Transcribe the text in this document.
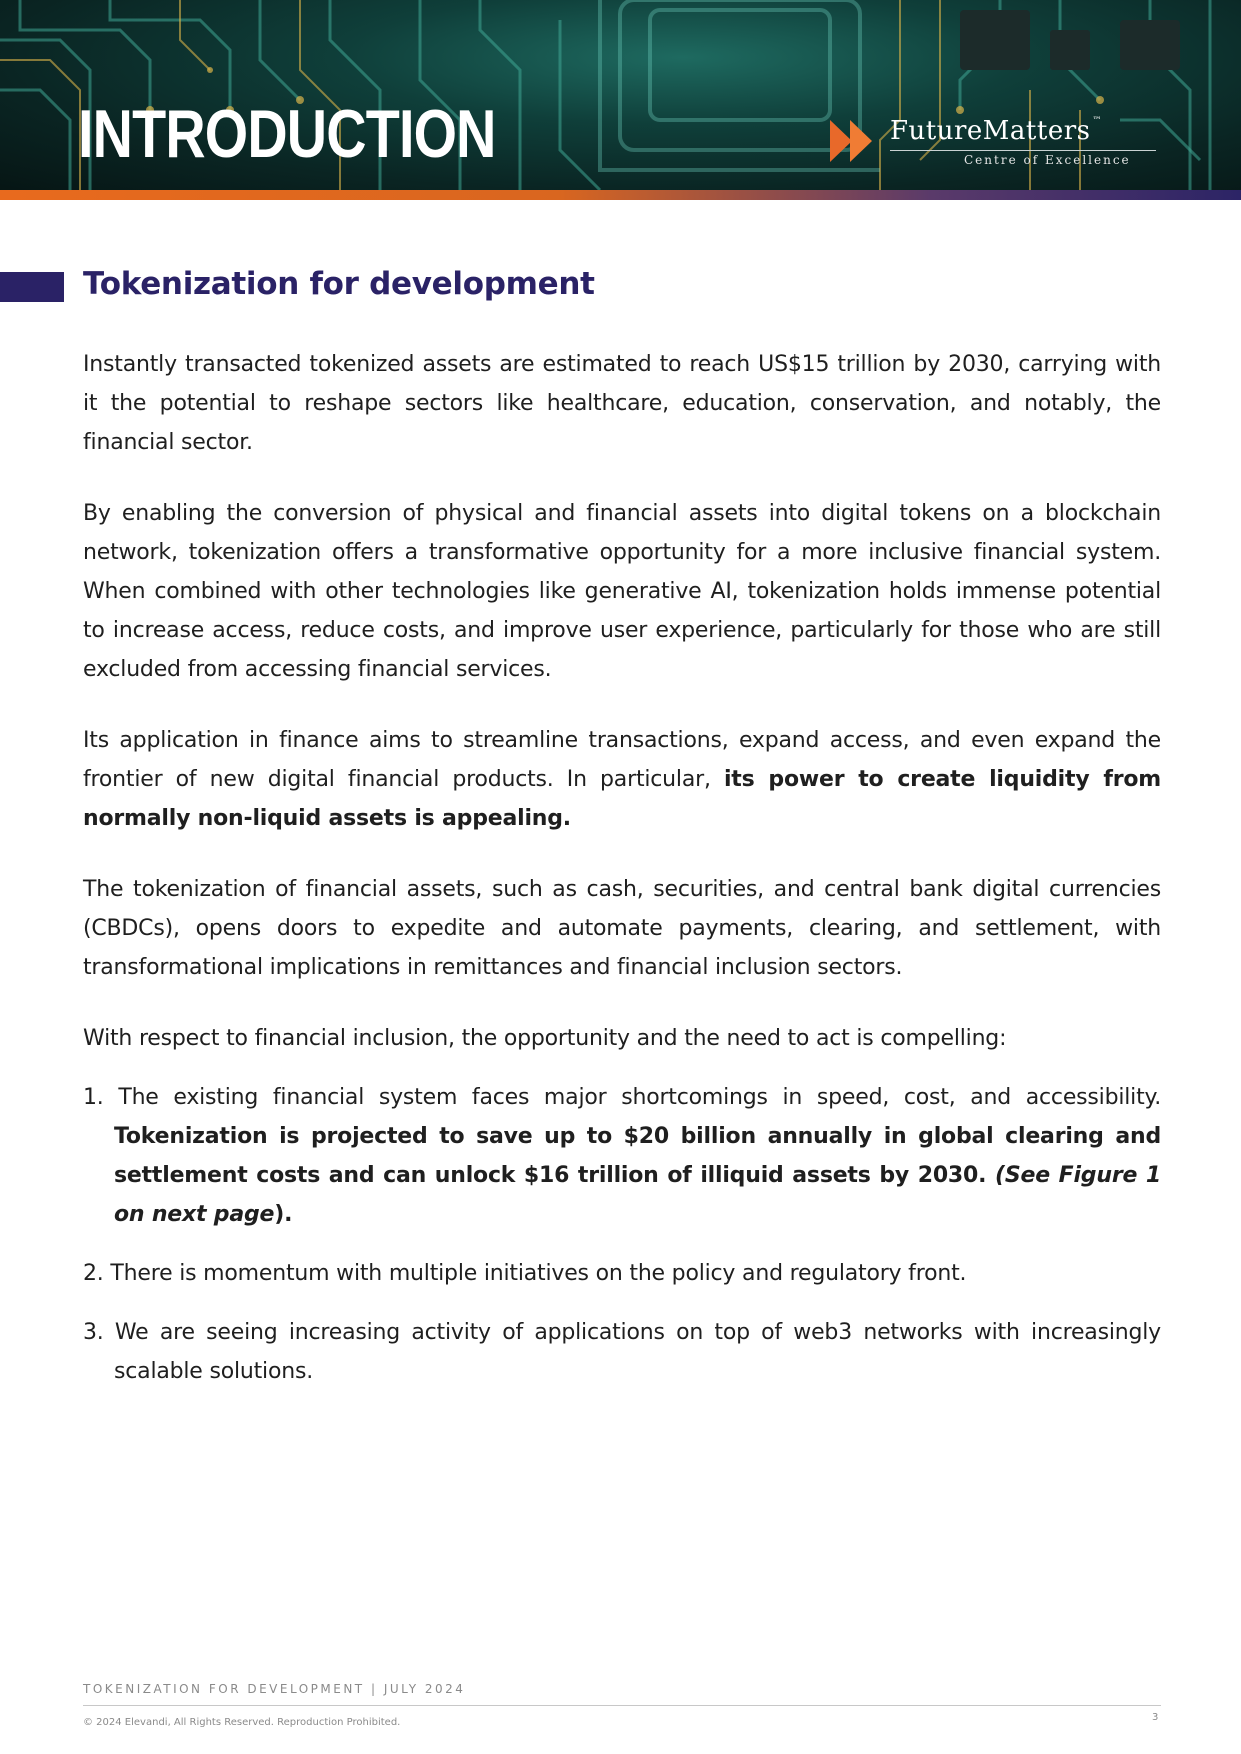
INTRODUCTION	FutureMatters ™
Centre of Excellence
Tokenization for development

Instantly transacted tokenized assets are estimated to reach US$15 trillion by 2030, carrying with it the potential to reshape sectors like healthcare, education, conservation, and notably, the financial sector.

By enabling the conversion of physical and financial assets into digital tokens on a blockchain network, tokenization offers a transformative opportunity for a more inclusive financial system. When combined with other technologies like generative AI, tokenization holds immense potential to increase access, reduce costs, and improve user experience, particularly for those who are still excluded from accessing financial services.

Its application in finance aims to streamline transactions, expand access, and even expand the frontier of new digital financial products. In particular, its power to create liquidity from normally non-liquid assets is appealing.

The tokenization of financial assets, such as cash, securities, and central bank digital currencies (CBDCs), opens doors to expedite and automate payments, clearing, and settlement, with transformational implications in remittances and financial inclusion sectors.

With respect to financial inclusion, the opportunity and the need to act is compelling:

1. The existing financial system faces major shortcomings in speed, cost, and accessibility. Tokenization is projected to save up to $20 billion annually in global clearing and settlement costs and can unlock $16 trillion of illiquid assets by 2030. (See Figure 1 on next page).
2. There is momentum with multiple initiatives on the policy and regulatory front.
3. We are seeing increasing activity of applications on top of web3 networks with increasingly scalable solutions.
TOKENIZATION FOR DEVELOPMENT | JULY 2024
© 2024 Elevandi, All Rights Reserved. Reproduction Prohibited.	3
